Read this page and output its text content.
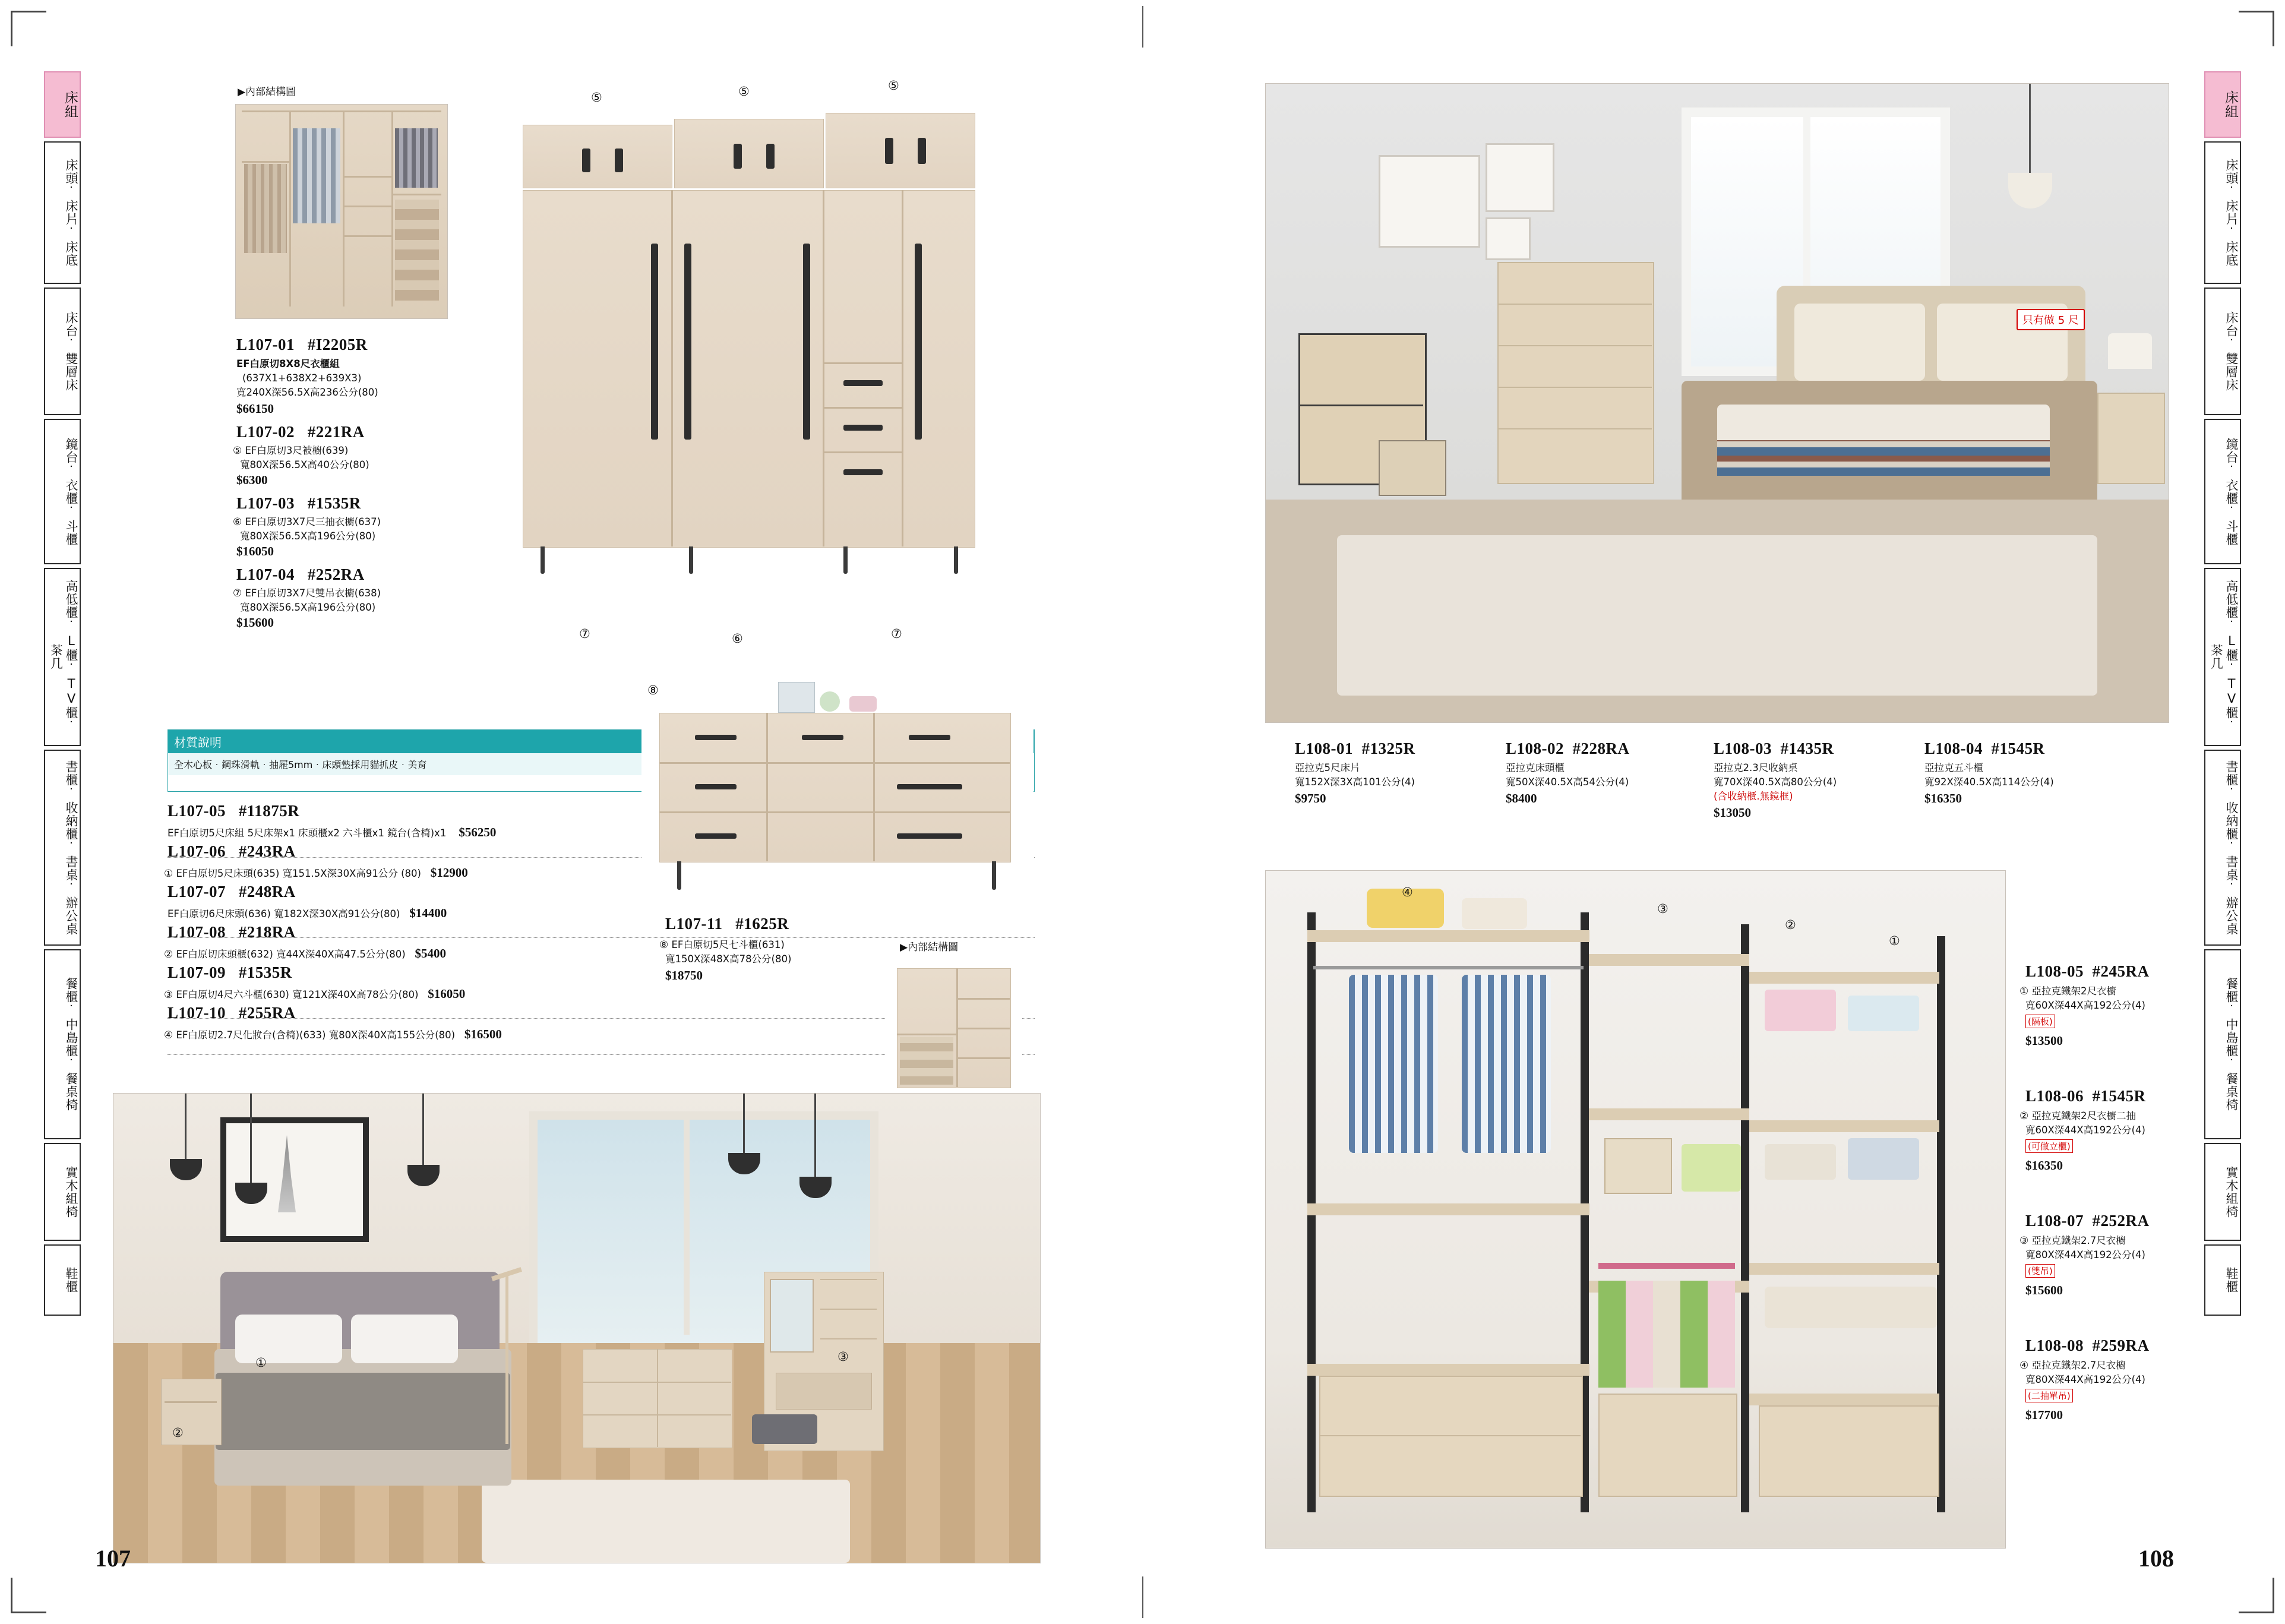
床組
床頭˙床片˙床底
床台˙雙層床
鏡台˙衣櫃˙斗櫃
高低櫃˙L櫃˙TV櫃˙茶几
書櫃˙收納櫃˙書桌˙辦公桌
餐櫃˙中島櫃˙餐桌椅
實木組椅
鞋櫃
床組
床頭˙床片˙床底
床台˙雙層床
鏡台˙衣櫃˙斗櫃
高低櫃˙L櫃˙TV櫃˙茶几
書櫃˙收納櫃˙書桌˙辦公桌
餐櫃˙中島櫃˙餐桌椅
實木組椅
鞋櫃
▶內部結構圖	⑤	⑤	⑤
⑦	⑥	⑦
L107-01 #I2205R
EF白原切8X8尺衣櫃組
(637X1+638X2+639X3)
寬240X深56.5X高236公分(80)
$66150
L107-02 #221RA
⑤ EF白原切3尺被櫥(639)
寬80X深56.5X高40公分(80)
$6300
L107-03 #1535R
⑥ EF白原切3X7尺三抽衣櫥(637)
寬80X深56.5X高196公分(80)
$16050
L107-04 #252RA
⑦ EF白原切3X7尺雙吊衣櫥(638)
寬80X深56.5X高196公分(80)
$15600
材質說明
全木心板．鋼珠滑軌．抽屜5mm．床頭墊採用貓抓皮．美育
L107-05 #11875R
EF白原切5尺床組 5尺床架x1 床頭櫃x2 六斗櫃x1 鏡台(含椅)x1 $56250
L107-06 #243RA
① EF白原切5尺床頭(635) 寬151.5X深30X高91公分 (80) $12900
L107-07 #248RA
EF白原切6尺床頭(636) 寬182X深30X高91公分(80) $14400
L107-08 #218RA
② EF白原切床頭櫃(632) 寬44X深40X高47.5公分(80) $5400
L107-09 #1535R
③ EF白原切4尺六斗櫃(630) 寬121X深40X高78公分(80) $16050
L107-10 #255RA
④ EF白原切2.7尺化妝台(含椅)(633) 寬80X深40X高155公分(80) $16500
⑧
L107-11 #1625R
⑧ EF白原切5尺七斗櫃(631)
寬150X深48X高78公分(80)
$18750
▶內部結構圖
①
②
③
107
只有做 5 尺
L108-01 #1325R
亞拉克5尺床片
寬152X深3X高101公分(4)
$9750
L108-02 #228RA
亞拉克床頭櫃
寬50X深40.5X高54公分(4)
$8400
L108-03 #1435R
亞拉克2.3尺收納桌
寬70X深40.5X高80公分(4)
(含收納櫃.無鏡框)
$13050
L108-04 #1545R
亞拉克五斗櫃
寬92X深40.5X高114公分(4)
$16350
④
③
②
①
L108-05 #245RA
① 亞拉克鐵架2尺衣櫥
寬60X深44X高192公分(4)
(隔板)
$13500
L108-06 #1545R
② 亞拉克鐵架2尺衣櫥二抽
寬60X深44X高192公分(4)
(可做立櫃)
$16350
L108-07 #252RA
③ 亞拉克鐵架2.7尺衣櫥
寬80X深44X高192公分(4)
(雙吊)
$15600
L108-08 #259RA
④ 亞拉克鐵架2.7尺衣櫥
寬80X深44X高192公分(4)
(二抽單吊)
$17700
108
